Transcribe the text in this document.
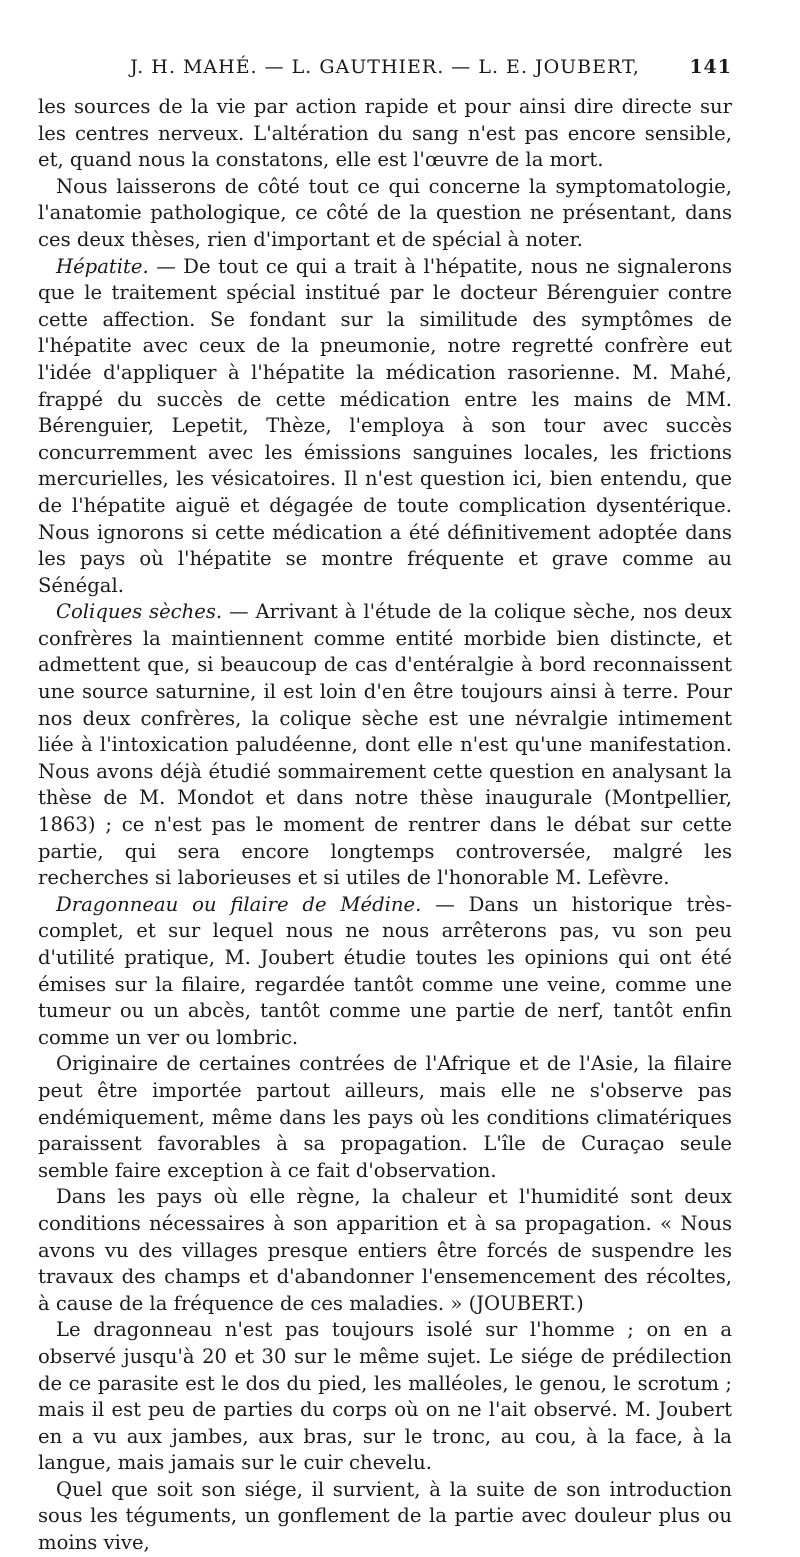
J. H. MAHÉ. — L. GAUTHIER. — L. E. JOUBERT,	141

les sources de la vie par action rapide et pour ainsi dire directe sur les centres nerveux. L'altération du sang n'est pas encore sensible, et, quand nous la constatons, elle est l'œuvre de la mort.

Nous laisserons de côté tout ce qui concerne la symptomatologie, l'anatomie pathologique, ce côté de la question ne présentant, dans ces deux thèses, rien d'important et de spécial à noter.

Hépatite. — De tout ce qui a trait à l'hépatite, nous ne signalerons que le traitement spécial institué par le docteur Bérenguier contre cette affection. Se fondant sur la similitude des symptômes de l'hépatite avec ceux de la pneumonie, notre regretté confrère eut l'idée d'appliquer à l'hépatite la médication rasorienne. M. Mahé, frappé du succès de cette médication entre les mains de MM. Bérenguier, Lepetit, Thèze, l'employa à son tour avec succès concurremment avec les émissions sanguines locales, les frictions mercurielles, les vésicatoires. Il n'est question ici, bien entendu, que de l'hépatite aiguë et dégagée de toute complication dysentérique. Nous ignorons si cette médication a été définitivement adoptée dans les pays où l'hépatite se montre fréquente et grave comme au Sénégal.

Coliques sèches. — Arrivant à l'étude de la colique sèche, nos deux confrères la maintiennent comme entité morbide bien distincte, et admettent que, si beaucoup de cas d'entéralgie à bord reconnaissent une source saturnine, il est loin d'en être toujours ainsi à terre. Pour nos deux confrères, la colique sèche est une névralgie intimement liée à l'intoxication paludéenne, dont elle n'est qu'une manifestation. Nous avons déjà étudié sommairement cette question en analysant la thèse de M. Mondot et dans notre thèse inaugurale (Montpellier, 1863) ; ce n'est pas le moment de rentrer dans le débat sur cette partie, qui sera encore longtemps controversée, malgré les recherches si laborieuses et si utiles de l'honorable M. Lefèvre.

Dragonneau ou filaire de Médine. — Dans un historique très-complet, et sur lequel nous ne nous arrêterons pas, vu son peu d'utilité pratique, M. Joubert étudie toutes les opinions qui ont été émises sur la filaire, regardée tantôt comme une veine, comme une tumeur ou un abcès, tantôt comme une partie de nerf, tantôt enfin comme un ver ou lombric.

Originaire de certaines contrées de l'Afrique et de l'Asie, la filaire peut être importée partout ailleurs, mais elle ne s'observe pas endémiquement, même dans les pays où les conditions climatériques paraissent favorables à sa propagation. L'île de Curaçao seule semble faire exception à ce fait d'observation.

Dans les pays où elle règne, la chaleur et l'humidité sont deux conditions nécessaires à son apparition et à sa propagation. « Nous avons vu des villages presque entiers être forcés de suspendre les travaux des champs et d'abandonner l'ensemencement des récoltes, à cause de la fréquence de ces maladies. » (JOUBERT.)

Le dragonneau n'est pas toujours isolé sur l'homme ; on en a observé jusqu'à 20 et 30 sur le même sujet. Le siége de prédilection de ce parasite est le dos du pied, les malléoles, le genou, le scrotum ; mais il est peu de parties du corps où on ne l'ait observé. M. Joubert en a vu aux jambes, aux bras, sur le tronc, au cou, à la face, à la langue, mais jamais sur le cuir chevelu.

Quel que soit son siége, il survient, à la suite de son introduction sous les téguments, un gonflement de la partie avec douleur plus ou moins vive,
